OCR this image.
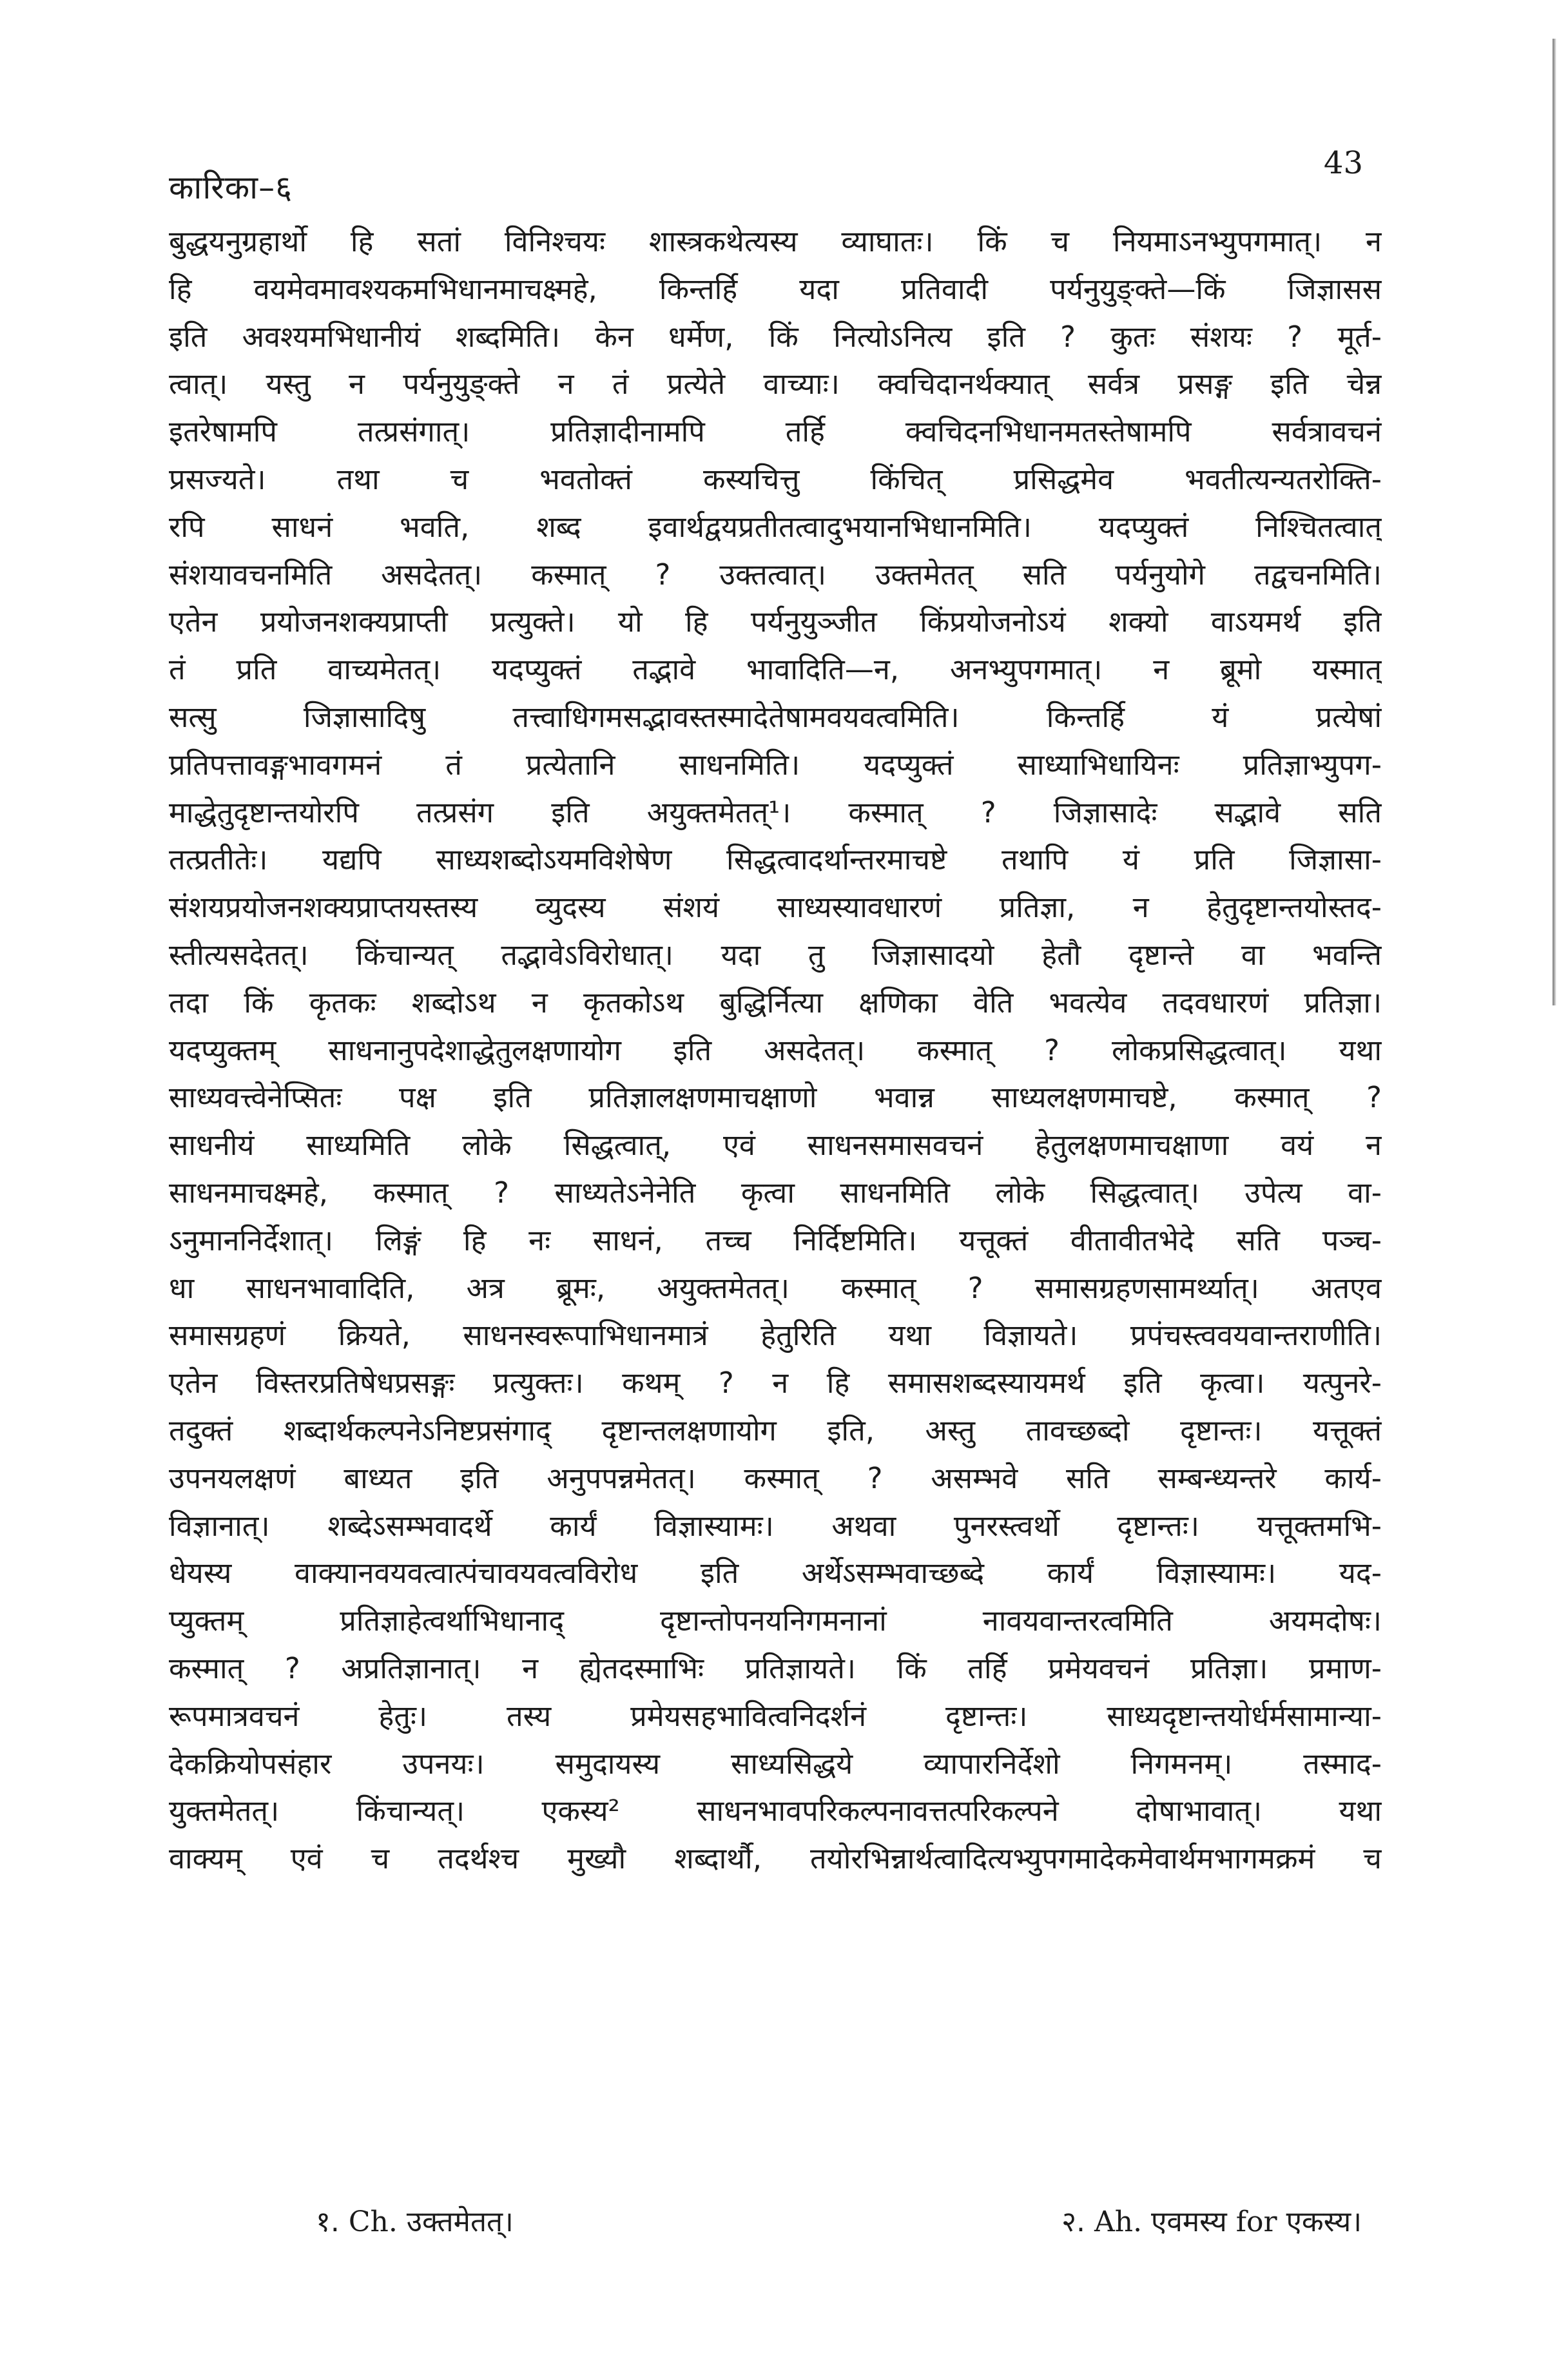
कारिका–६
43
बुद्धयनुग्रहार्थो हि सतां विनिश्चयः शास्त्रकथेत्यस्य व्याघातः। किं च नियमाऽनभ्युपगमात्। न
हि वयमेवमावश्यकमभिधानमाचक्ष्महे, किन्तर्हि यदा प्रतिवादी पर्यनुयुङ्क्ते—किं जिज्ञासस
इति अवश्यमभिधानीयं शब्दमिति। केन धर्मेण, किं नित्योऽनित्य इति ? कुतः संशयः ? मूर्त-
त्वात्। यस्तु न पर्यनुयुङ्क्ते न तं प्रत्येते वाच्याः। क्वचिदानर्थक्यात् सर्वत्र प्रसङ्ग इति चेन्न
इतरेषामपि तत्प्रसंगात्। प्रतिज्ञादीनामपि तर्हि क्वचिदनभिधानमतस्तेषामपि सर्वत्रावचनं
प्रसज्यते। तथा च भवतोक्तं कस्यचित्तु किंचित् प्रसिद्धमेव भवतीत्यन्यतरोक्ति-
रपि साधनं भवति, शब्द इवार्थद्वयप्रतीतत्वादुभयानभिधानमिति। यदप्युक्तं निश्चितत्वात्
संशयावचनमिति असदेतत्। कस्मात् ? उक्तत्वात्। उक्तमेतत् सति पर्यनुयोगे तद्वचनमिति।
एतेन प्रयोजनशक्यप्राप्ती प्रत्युक्ते। यो हि पर्यनुयुञ्जीत किंप्रयोजनोऽयं शक्यो वाऽयमर्थ इति
तं प्रति वाच्यमेतत्। यदप्युक्तं तद्भावे भावादिति—न, अनभ्युपगमात्। न ब्रूमो यस्मात्
सत्सु जिज्ञासादिषु तत्त्वाधिगमसद्भावस्तस्मादेतेषामवयवत्वमिति। किन्तर्हि यं प्रत्येषां
प्रतिपत्तावङ्गभावगमनं तं प्रत्येतानि साधनमिति। यदप्युक्तं साध्याभिधायिनः प्रतिज्ञाभ्युपग-
माद्धेतुदृष्टान्तयोरपि तत्प्रसंग इति अयुक्तमेतत्¹। कस्मात् ? जिज्ञासादेः सद्भावे सति
तत्प्रतीतेः। यद्यपि साध्यशब्दोऽयमविशेषेण सिद्धत्वादर्थान्तरमाचष्टे तथापि यं प्रति जिज्ञासा-
संशयप्रयोजनशक्यप्राप्तयस्तस्य व्युदस्य संशयं साध्यस्यावधारणं प्रतिज्ञा, न हेतुदृष्टान्तयोस्तद-
स्तीत्यसदेतत्। किंचान्यत् तद्भावेऽविरोधात्। यदा तु जिज्ञासादयो हेतौ दृष्टान्ते वा भवन्ति
तदा किं कृतकः शब्दोऽथ न कृतकोऽथ बुद्धिर्नित्या क्षणिका वेति भवत्येव तदवधारणं प्रतिज्ञा।
यदप्युक्तम् साधनानुपदेशाद्धेतुलक्षणायोग इति असदेतत्। कस्मात् ? लोकप्रसिद्धत्वात्। यथा
साध्यवत्त्वेनेप्सितः पक्ष इति प्रतिज्ञालक्षणमाचक्षाणो भवान्न साध्यलक्षणमाचष्टे, कस्मात् ?
साधनीयं साध्यमिति लोके सिद्धत्वात्, एवं साधनसमासवचनं हेतुलक्षणमाचक्षाणा वयं न
साधनमाचक्ष्महे, कस्मात् ? साध्यतेऽनेनेति कृत्वा साधनमिति लोके सिद्धत्वात्। उपेत्य वा-
ऽनुमाननिर्देशात्। लिङ्गं हि नः साधनं, तच्च निर्दिष्टमिति। यत्तूक्तं वीतावीतभेदे सति पञ्च-
धा साधनभावादिति, अत्र ब्रूमः, अयुक्तमेतत्। कस्मात् ? समासग्रहणसामर्थ्यात्। अतएव
समासग्रहणं क्रियते, साधनस्वरूपाभिधानमात्रं हेतुरिति यथा विज्ञायते। प्रपंचस्त्ववयवान्तराणीति।
एतेन विस्तरप्रतिषेधप्रसङ्गः प्रत्युक्तः। कथम् ? न हि समासशब्दस्यायमर्थ इति कृत्वा। यत्पुनरे-
तदुक्तं शब्दार्थकल्पनेऽनिष्टप्रसंगाद् दृष्टान्तलक्षणायोग इति, अस्तु तावच्छब्दो दृष्टान्तः। यत्तूक्तं
उपनयलक्षणं बाध्यत इति अनुपपन्नमेतत्। कस्मात् ? असम्भवे सति सम्बन्ध्यन्तरे कार्य-
विज्ञानात्। शब्देऽसम्भवादर्थे कार्यं विज्ञास्यामः। अथवा पुनरस्त्वर्थो दृष्टान्तः। यत्तूक्तमभि-
धेयस्य वाक्यानवयवत्वात्पंचावयवत्वविरोध इति अर्थेऽसम्भवाच्छब्दे कार्यं विज्ञास्यामः। यद-
प्युक्तम् प्रतिज्ञाहेत्वर्थाभिधानाद् दृष्टान्तोपनयनिगमनानां नावयवान्तरत्वमिति अयमदोषः।
कस्मात् ? अप्रतिज्ञानात्। न ह्येतदस्माभिः प्रतिज्ञायते। किं तर्हि प्रमेयवचनं प्रतिज्ञा। प्रमाण-
रूपमात्रवचनं हेतुः। तस्य प्रमेयसहभावित्वनिदर्शनं दृष्टान्तः। साध्यदृष्टान्तयोर्धर्मसामान्या-
देकक्रियोपसंहार उपनयः। समुदायस्य साध्यसिद्धये व्यापारनिर्देशो निगमनम्। तस्माद-
युक्तमेतत्। किंचान्यत्। एकस्य² साधनभावपरिकल्पनावत्तत्परिकल्पने दोषाभावात्। यथा
वाक्यम् एवं च तदर्थश्च मुख्यौ शब्दार्थौ, तयोरभिन्नार्थत्वादित्यभ्युपगमादेकमेवार्थमभागमक्रमं च
१. Ch. उक्तमेतत्।	२. Ah. एवमस्य for एकस्य।
